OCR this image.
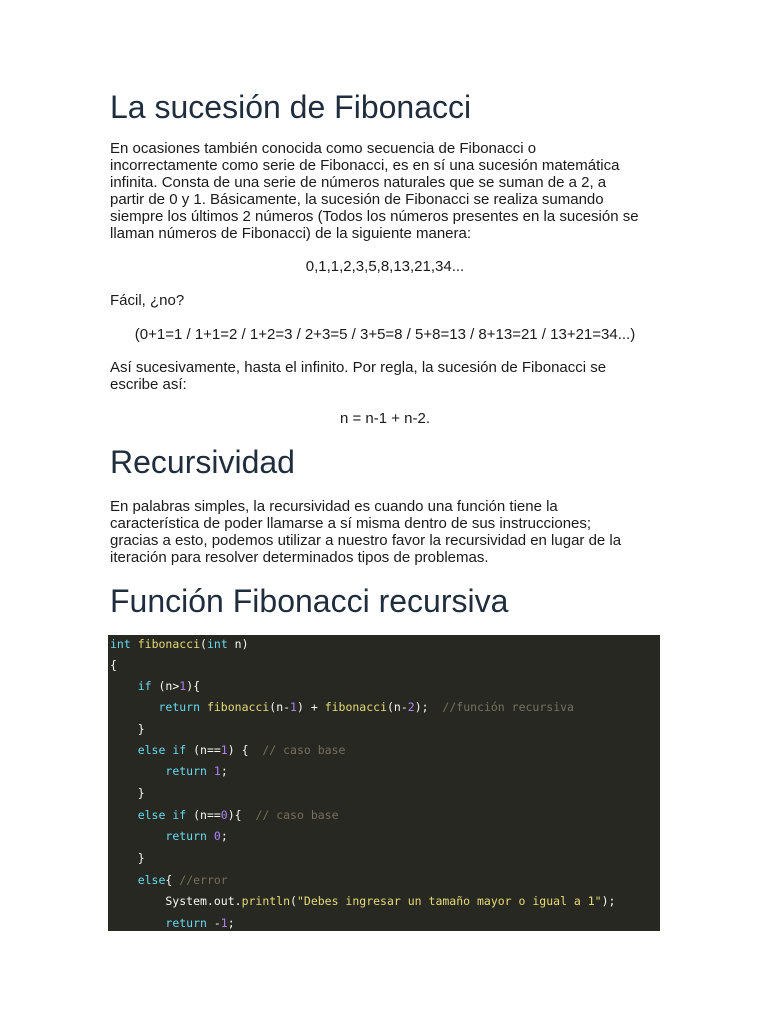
La sucesión de Fibonacci

En ocasiones también conocida como secuencia de Fibonacci o

incorrectamente como serie de Fibonacci, es en sí una sucesión matemática

infinita. Consta de una serie de números naturales que se suman de a 2, a

partir de 0 y 1. Básicamente, la sucesión de Fibonacci se realiza sumando

siempre los últimos 2 números (Todos los números presentes en la sucesión se

llaman números de Fibonacci) de la siguiente manera:

0,1,1,2,3,5,8,13,21,34...

Fácil, ¿no?

(0+1=1 / 1+1=2 / 1+2=3 / 2+3=5 / 3+5=8 / 5+8=13 / 8+13=21 / 13+21=34...)

Así sucesivamente, hasta el infinito. Por regla, la sucesión de Fibonacci se

escribe así:

n = n-1 + n-2.

Recursividad

En palabras simples, la recursividad es cuando una función tiene la

característica de poder llamarse a sí misma dentro de sus instrucciones;

gracias a esto, podemos utilizar a nuestro favor la recursividad en lugar de la

iteración para resolver determinados tipos de problemas.

Función Fibonacci recursiva
int fibonacci(int n)
{
if (n>1){
return fibonacci(n-1) + fibonacci(n-2);  //función recursiva
}
else if (n==1) {  // caso base
return 1;
}
else if (n==0){  // caso base
return 0;
}
else{ //error
System.out.println("Debes ingresar un tamaño mayor o igual a 1");
return -1;
